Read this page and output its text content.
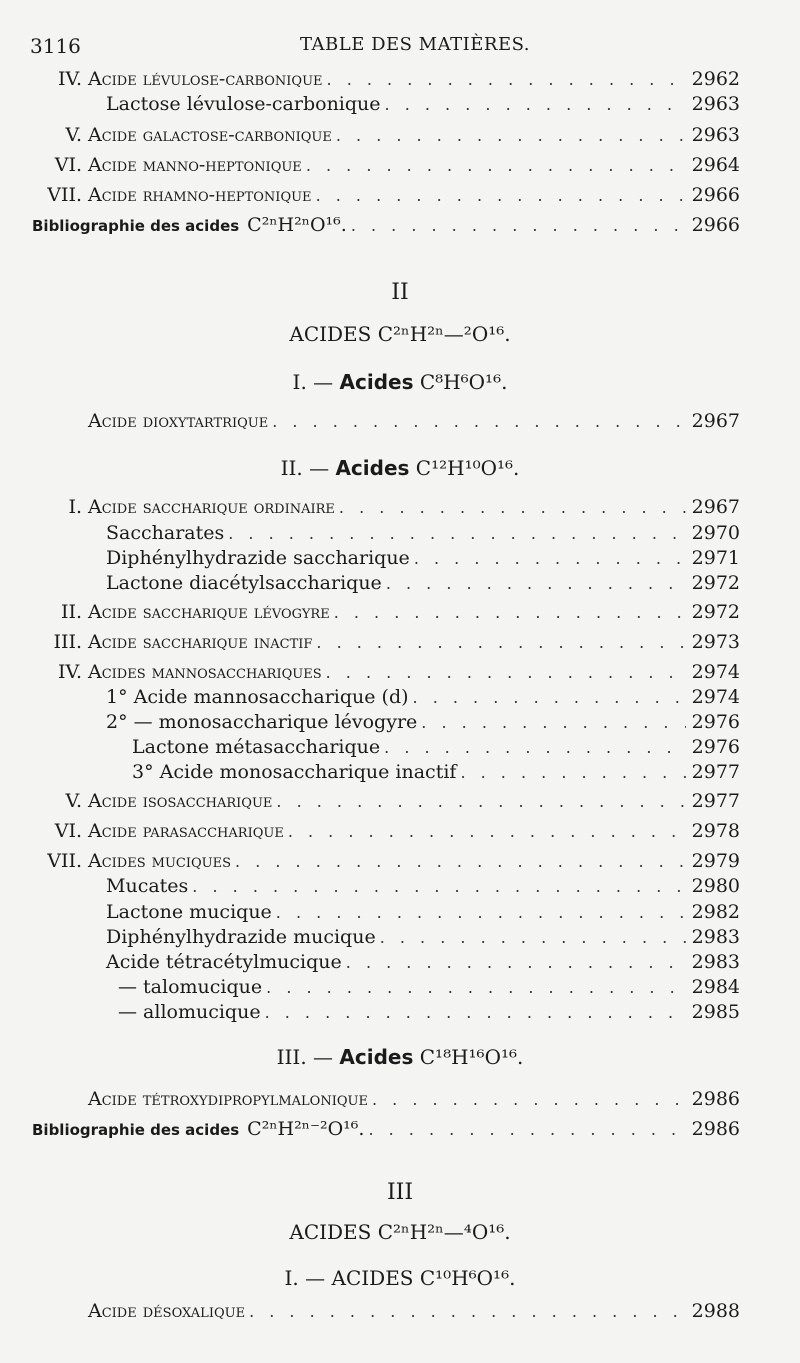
3116	TABLE DES MATIÈRES.
IV. Acide lévulose-carbonique . . .	2962
Lactose lévulose-carbonique . . .	2963
V. Acide galactose-carbonique . . .	2963
VI. Acide manno-heptonique . . .	2964
VII. Acide rhamno-heptonique . . .	2966
Bibliographie des acides C²ⁿH²ⁿO¹⁶. . . .	2966
II
ACIDES C²ⁿH²ⁿ—²O¹⁶.
I. — Acides C⁸H⁶O¹⁶.
Acide dioxytartrique . . .	2967
II. — Acides C¹²H¹⁰O¹⁶.
I. Acide saccharique ordinaire . . .	2967
Saccharates . . .	2970
Diphénylhydrazide saccharique . . .	2971
Lactone diacétylsaccharique . . .	2972
II. Acide saccharique lévogyre . . .	2972
III. Acide saccharique inactif . . .	2973
IV. Acides mannosacchariques . . .	2974
1° Acide mannosaccharique (d) . . .	2974
2° — monosaccharique lévogyre . . .	2976
Lactone métasaccharique . . .	2976
3° Acide monosaccharique inactif . . .	2977
V. Acide isosaccharique . . .	2977
VI. Acide parasaccharique . . .	2978
VII. Acides muciques . . .	2979
Mucates . . .	2980
Lactone mucique . . .	2982
Diphénylhydrazide mucique . . .	2983
Acide tétracétylmucique . . .	2983
— talomucique . . .	2984
— allomucique . . .	2985
III. — Acides C¹⁸H¹⁶O¹⁶.
Acide tétroxydipropylmalonique . . .	2986
Bibliographie des acides C²ⁿH²ⁿ⁻²O¹⁶. . . .	2986
III
ACIDES C²ⁿH²ⁿ—⁴O¹⁶.
I. — ACIDES C¹⁰H⁶O¹⁶.
Acide désoxalique . . .	2988
